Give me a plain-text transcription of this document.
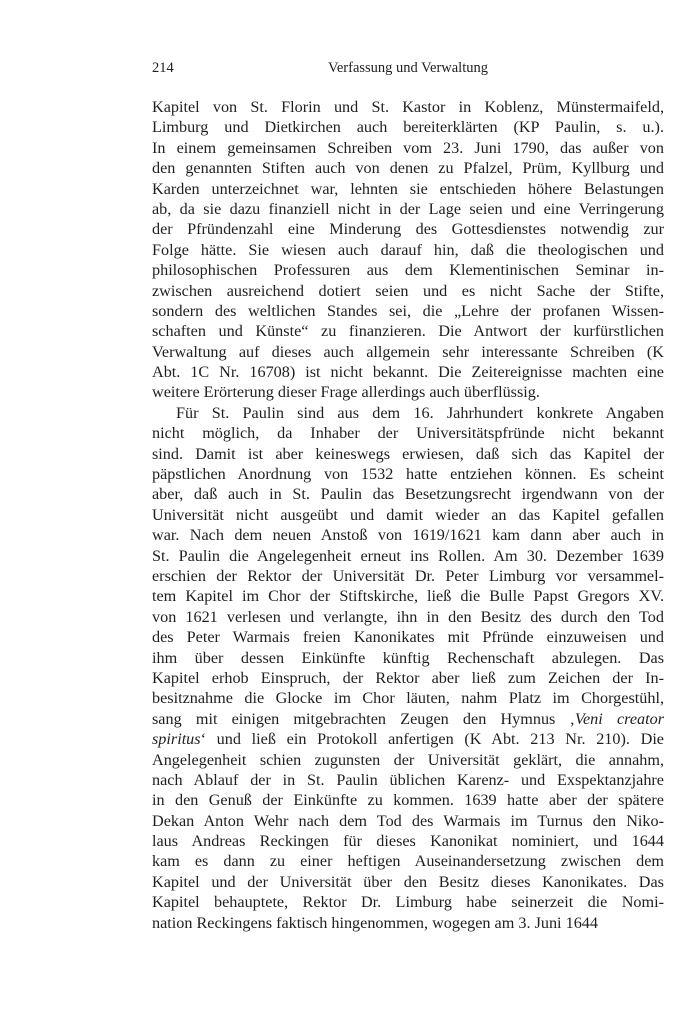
214	Verfassung und Verwaltung
Kapitel von St. Florin und St. Kastor in Koblenz, Münstermaifeld,
Limburg und Dietkirchen auch bereiterklärten (KP Paulin, s. u.).
In einem gemeinsamen Schreiben vom 23. Juni 1790, das außer von
den genannten Stiften auch von denen zu Pfalzel, Prüm, Kyllburg und
Karden unterzeichnet war, lehnten sie entschieden höhere Belastungen
ab, da sie dazu finanziell nicht in der Lage seien und eine Verringerung
der Pfründenzahl eine Minderung des Gottesdienstes notwendig zur
Folge hätte. Sie wiesen auch darauf hin, daß die theologischen und
philosophischen Professuren aus dem Klementinischen Seminar in-
zwischen ausreichend dotiert seien und es nicht Sache der Stifte,
sondern des weltlichen Standes sei, die „Lehre der profanen Wissen-
schaften und Künste“ zu finanzieren. Die Antwort der kurfürstlichen
Verwaltung auf dieses auch allgemein sehr interessante Schreiben (K
Abt. 1C Nr. 16708) ist nicht bekannt. Die Zeitereignisse machten eine
weitere Erörterung dieser Frage allerdings auch überflüssig.
Für St. Paulin sind aus dem 16. Jahrhundert konkrete Angaben
nicht möglich, da Inhaber der Universitätspfründe nicht bekannt
sind. Damit ist aber keineswegs erwiesen, daß sich das Kapitel der
päpstlichen Anordnung von 1532 hatte entziehen können. Es scheint
aber, daß auch in St. Paulin das Besetzungsrecht irgendwann von der
Universität nicht ausgeübt und damit wieder an das Kapitel gefallen
war. Nach dem neuen Anstoß von 1619/1621 kam dann aber auch in
St. Paulin die Angelegenheit erneut ins Rollen. Am 30. Dezember 1639
erschien der Rektor der Universität Dr. Peter Limburg vor versammel-
tem Kapitel im Chor der Stiftskirche, ließ die Bulle Papst Gregors XV.
von 1621 verlesen und verlangte, ihn in den Besitz des durch den Tod
des Peter Warmais freien Kanonikates mit Pfründe einzuweisen und
ihm über dessen Einkünfte künftig Rechenschaft abzulegen. Das
Kapitel erhob Einspruch, der Rektor aber ließ zum Zeichen der In-
besitznahme die Glocke im Chor läuten, nahm Platz im Chorgestühl,
sang mit einigen mitgebrachten Zeugen den Hymnus ‚Veni creator
spiritus‘ und ließ ein Protokoll anfertigen (K Abt. 213 Nr. 210). Die
Angelegenheit schien zugunsten der Universität geklärt, die annahm,
nach Ablauf der in St. Paulin üblichen Karenz- und Exspektanzjahre
in den Genuß der Einkünfte zu kommen. 1639 hatte aber der spätere
Dekan Anton Wehr nach dem Tod des Warmais im Turnus den Niko-
laus Andreas Reckingen für dieses Kanonikat nominiert, und 1644
kam es dann zu einer heftigen Auseinandersetzung zwischen dem
Kapitel und der Universität über den Besitz dieses Kanonikates. Das
Kapitel behauptete, Rektor Dr. Limburg habe seinerzeit die Nomi-
nation Reckingens faktisch hingenommen, wogegen am 3. Juni 1644
